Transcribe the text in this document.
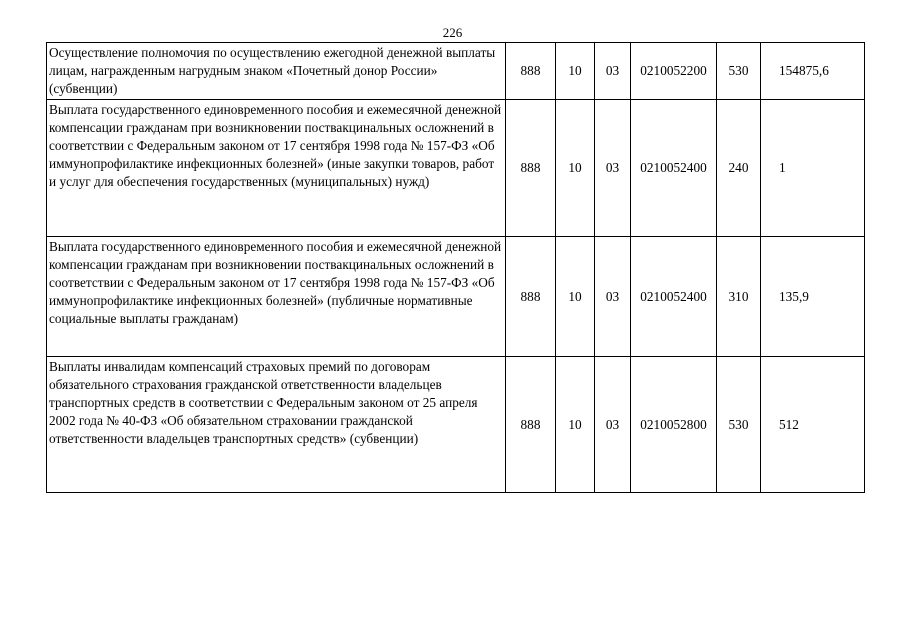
226
Осуществление полномочия по осуществлению ежегодной денежной выплаты лицам, награжденным нагрудным знаком «Почетный донор России» (субвенции)	888	10	03	0210052200	530	154875,6
Выплата государственного единовременного пособия и ежемесячной денежной компенсации гражданам при возникновении поствакцинальных осложнений в соответствии с Федеральным законом от 17 сентября 1998 года № 157-ФЗ «Об иммунопрофилактике инфекционных болезней» (иные закупки товаров, работ и услуг для обеспечения государственных (муниципальных) нужд)	888	10	03	0210052400	240	1
Выплата государственного единовременного пособия и ежемесячной денежной компенсации гражданам при возникновении поствакцинальных осложнений в соответствии с Федеральным законом от 17 сентября 1998 года № 157-ФЗ «Об иммунопрофилактике инфекционных болезней» (публичные нормативные социальные выплаты гражданам)	888	10	03	0210052400	310	135,9
Выплаты инвалидам компенсаций страховых премий по договорам обязательного страхования гражданской ответственности владельцев транспортных средств в соответствии с Федеральным законом от 25 апреля 2002 года № 40-ФЗ «Об обязательном страховании гражданской ответственности владельцев транспортных средств» (субвенции)	888	10	03	0210052800	530	512
